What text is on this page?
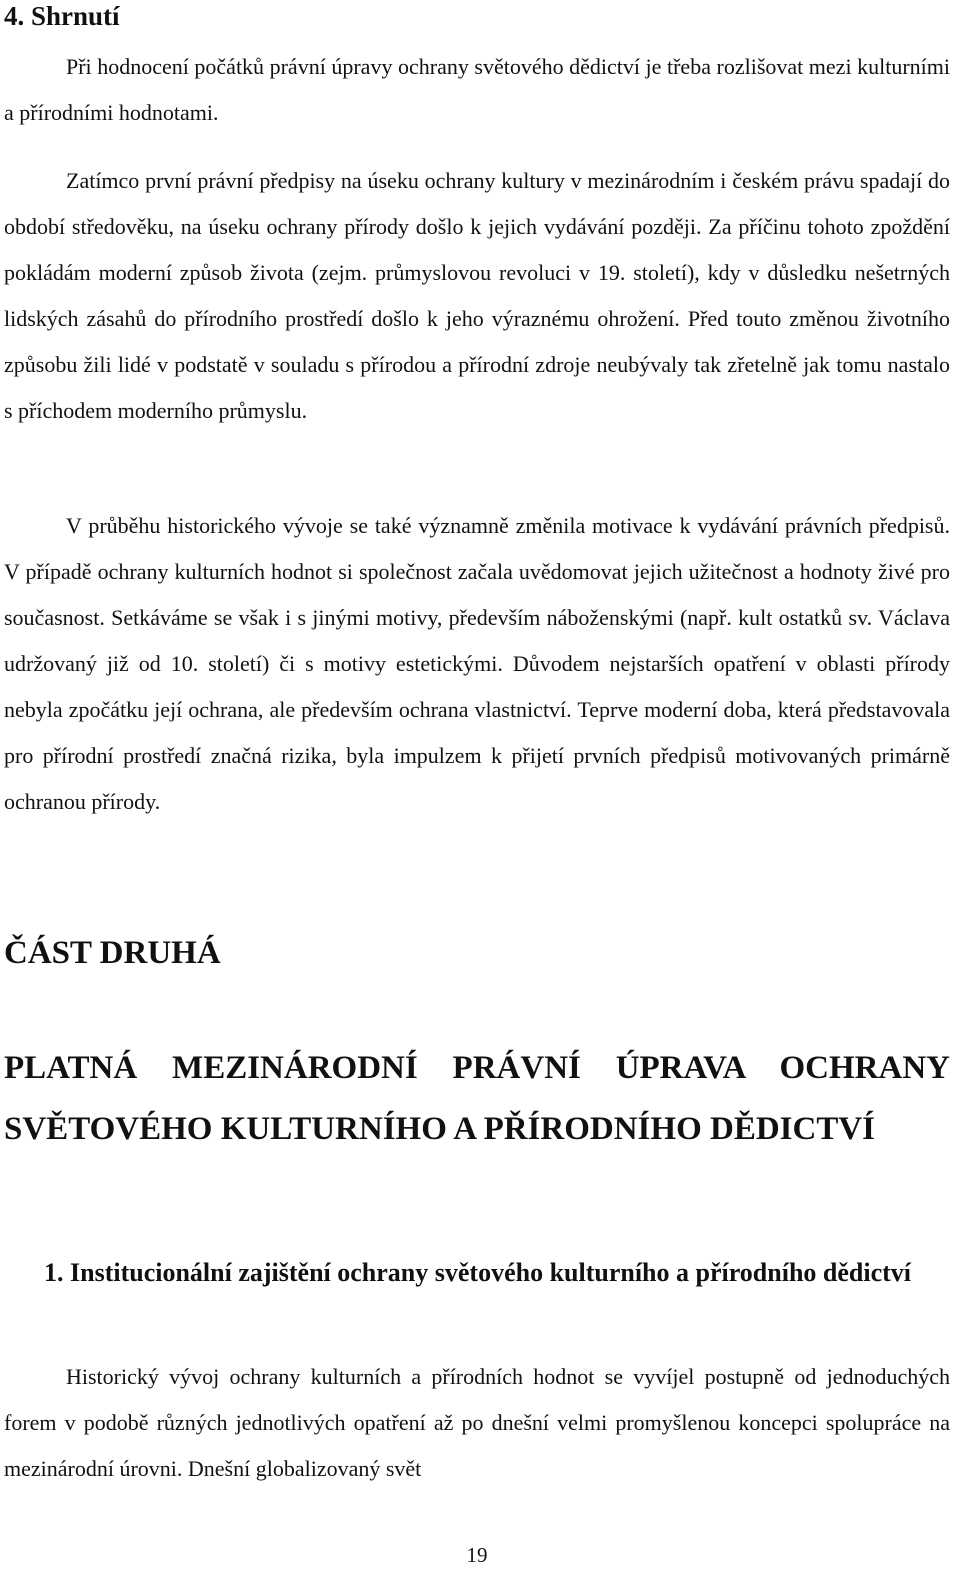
4. Shrnutí

Při hodnocení počátků právní úpravy ochrany světového dědictví je třeba rozlišovat mezi kulturními a přírodními hodnotami.

Zatímco první právní předpisy na úseku ochrany kultury v mezinárodním i českém právu spadají do období středověku, na úseku ochrany přírody došlo k jejich vydávání později. Za příčinu tohoto zpoždění pokládám moderní způsob života (zejm. průmyslovou revoluci v 19. století), kdy v důsledku nešetrných lidských zásahů do přírodního prostředí došlo k jeho výraznému ohrožení. Před touto změnou životního způsobu žili lidé v podstatě v souladu s přírodou a přírodní zdroje neubývaly tak zřetelně jak tomu nastalo s příchodem moderního průmyslu.

V průběhu historického vývoje se také významně změnila motivace k vydávání právních předpisů. V případě ochrany kulturních hodnot si společnost začala uvědomovat jejich užitečnost a hodnoty živé pro současnost. Setkáváme se však i s jinými motivy, především náboženskými (např. kult ostatků sv. Václava udržovaný již od 10. století) či s motivy estetickými. Důvodem nejstarších opatření v oblasti přírody nebyla zpočátku její ochrana, ale především ochrana vlastnictví. Teprve moderní doba, která představovala pro přírodní prostředí značná rizika, byla impulzem k přijetí prvních předpisů motivovaných primárně ochranou přírody.

ČÁST DRUHÁ
PLATNÁ MEZINÁRODNÍ PRÁVNÍ ÚPRAVA OCHRANY SVĚTOVÉHO KULTURNÍHO A PŘÍRODNÍHO DĚDICTVÍ
1. Institucionální zajištění ochrany světového kulturního a přírodního dědictví

Historický vývoj ochrany kulturních a přírodních hodnot se vyvíjel postupně od jednoduchých forem v podobě různých jednotlivých opatření až po dnešní velmi promyšlenou koncepci spolupráce na mezinárodní úrovni. Dnešní globalizovaný svět

19
